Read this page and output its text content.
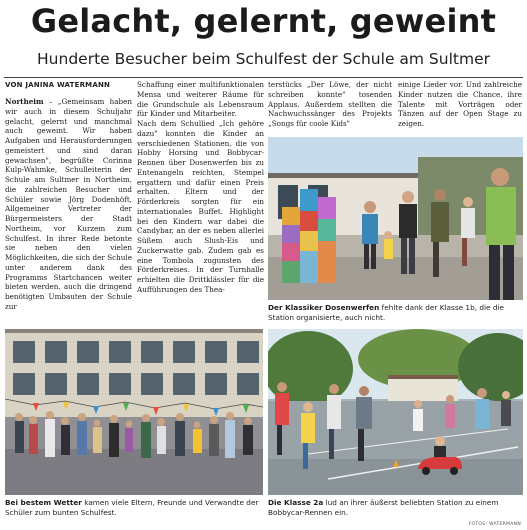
Gelacht, gelernt, geweint
Hunderte Besucher beim Schulfest der Schule am Sultmer
VON JANINA WATERMANN
Northeim – „Gemeinsam haben wir auch in diesem Schuljahr gelacht, gelernt und manchmal auch geweint. Wir haben Aufgaben und Herausforderungen gemeistert und sind daran gewachsen", begrüßte Corinna Kulp-Wahmke, Schulleiterin der Schule am Sultmer in Northeim, die zahlreichen Besucher und Schüler sowie Jörg Dodenhöft, Allgemeiner Vertreter der Bürgermeisters der Stadt Northeim, vor Kurzem zum Schulfest. In ihrer Rede betonte sie neben den vielen Möglichkeiten, die sich der Schule unter anderem dank des Programms Startchancen weiter bieten werden, auch die dringend benötigten Umbauten der Schule zur
Schaffung einer multifunktionalen Mensa und weiterer Räume für die Grundschule als Lebensraum für Kinder und Mitarbeiter.
Nach dem Schullied „Ich gehöre dazu" konnten die Kinder an verschiedenen Stationen, die von Hobby Horsing und Bobbycar-Rennen über Dosenwerfen bis zu Entenangeln reichten, Stempel ergattern und dafür einen Preis erhalten. Eltern und der Förderkreis sorgten für ein internationales Buffet. Highlight bei den Kindern war dabei die Candybar, an der es neben allerlei Süßem auch Slush-Eis und Zuckerwatte gab. Zudem gab es eine Tombola zugunsten des Förderkreises. In der Turnhalle erhielten die Drittklässler für die Aufführungen des Thea-
terstücks „Der Löwe, der nicht schreiben konnte" tosenden Applaus. Außerdem stellten die Nachwuchssänger des Projekts „Songs für coole Kids"
einige Lieder vor. Und zahlreiche Kinder nutzen die Chance, ihre Talente mit Vorträgen oder Tänzen auf der Open Stage zu zeigen.
Der Klassiker Dosenwerfen fehlte dank der Klasse 1b, die die Station organisierte, auch nicht.
Bei bestem Wetter kamen viele Eltern, Freunde und Verwandte der Schüler zum bunten Schulfest.
Die Klasse 2a lud an ihrer äußerst beliebten Station zu einem Bobbycar-Rennen ein.
FOTOS: WATERMANN
